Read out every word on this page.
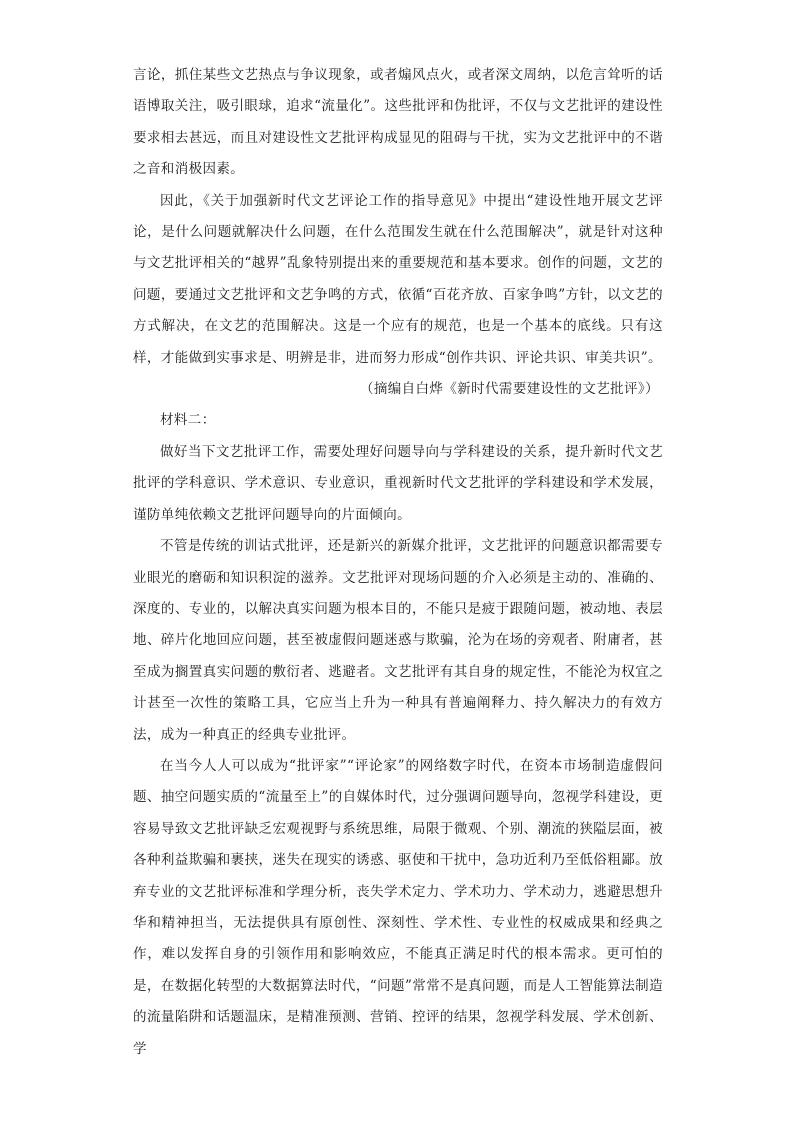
言论，抓住某些文艺热点与争议现象，或者煽风点火，或者深文周纳，以危言耸听的话语博取关注，吸引眼球，追求“流量化”。这些批评和伪批评，不仅与文艺批评的建设性要求相去甚远，而且对建设性文艺批评构成显见的阻碍与干扰，实为文艺批评中的不谐之音和消极因素。

因此，《关于加强新时代文艺评论工作的指导意见》中提出“建设性地开展文艺评论，是什么问题就解决什么问题，在什么范围发生就在什么范围解决”，就是针对这种与文艺批评相关的“越界”乱象特别提出来的重要规范和基本要求。创作的问题，文艺的问题，要通过文艺批评和文艺争鸣的方式，依循“百花齐放、百家争鸣”方针，以文艺的方式解决，在文艺的范围解决。这是一个应有的规范，也是一个基本的底线。只有这样，才能做到实事求是、明辨是非，进而努力形成“创作共识、评论共识、审美共识”。

（摘编自白烨《新时代需要建设性的文艺批评》）

材料二：

做好当下文艺批评工作，需要处理好问题导向与学科建设的关系，提升新时代文艺批评的学科意识、学术意识、专业意识，重视新时代文艺批评的学科建设和学术发展，谨防单纯依赖文艺批评问题导向的片面倾向。

不管是传统的训诂式批评，还是新兴的新媒介批评，文艺批评的问题意识都需要专业眼光的磨砺和知识积淀的滋养。文艺批评对现场问题的介入必须是主动的、准确的、深度的、专业的，以解决真实问题为根本目的，不能只是疲于跟随问题，被动地、表层地、碎片化地回应问题，甚至被虚假问题迷惑与欺骗，沦为在场的旁观者、附庸者，甚至成为搁置真实问题的敷衍者、逃避者。文艺批评有其自身的规定性，不能沦为权宜之计甚至一次性的策略工具，它应当上升为一种具有普遍阐释力、持久解决力的有效方法，成为一种真正的经典专业批评。

在当今人人可以成为“批评家”“评论家”的网络数字时代，在资本市场制造虚假问题、抽空问题实质的“流量至上”的自媒体时代，过分强调问题导向，忽视学科建设，更容易导致文艺批评缺乏宏观视野与系统思维，局限于微观、个别、潮流的狭隘层面，被各种利益欺骗和裹挟，迷失在现实的诱惑、驱使和干扰中，急功近利乃至低俗粗鄙。放弃专业的文艺批评标准和学理分析，丧失学术定力、学术功力、学术动力，逃避思想升华和精神担当，无法提供具有原创性、深刻性、学术性、专业性的权威成果和经典之作，难以发挥自身的引领作用和影响效应，不能真正满足时代的根本需求。更可怕的是，在数据化转型的大数据算法时代，“问题”常常不是真问题，而是人工智能算法制造的流量陷阱和话题温床，是精准预测、营销、控评的结果，忽视学科发展、学术创新、学
